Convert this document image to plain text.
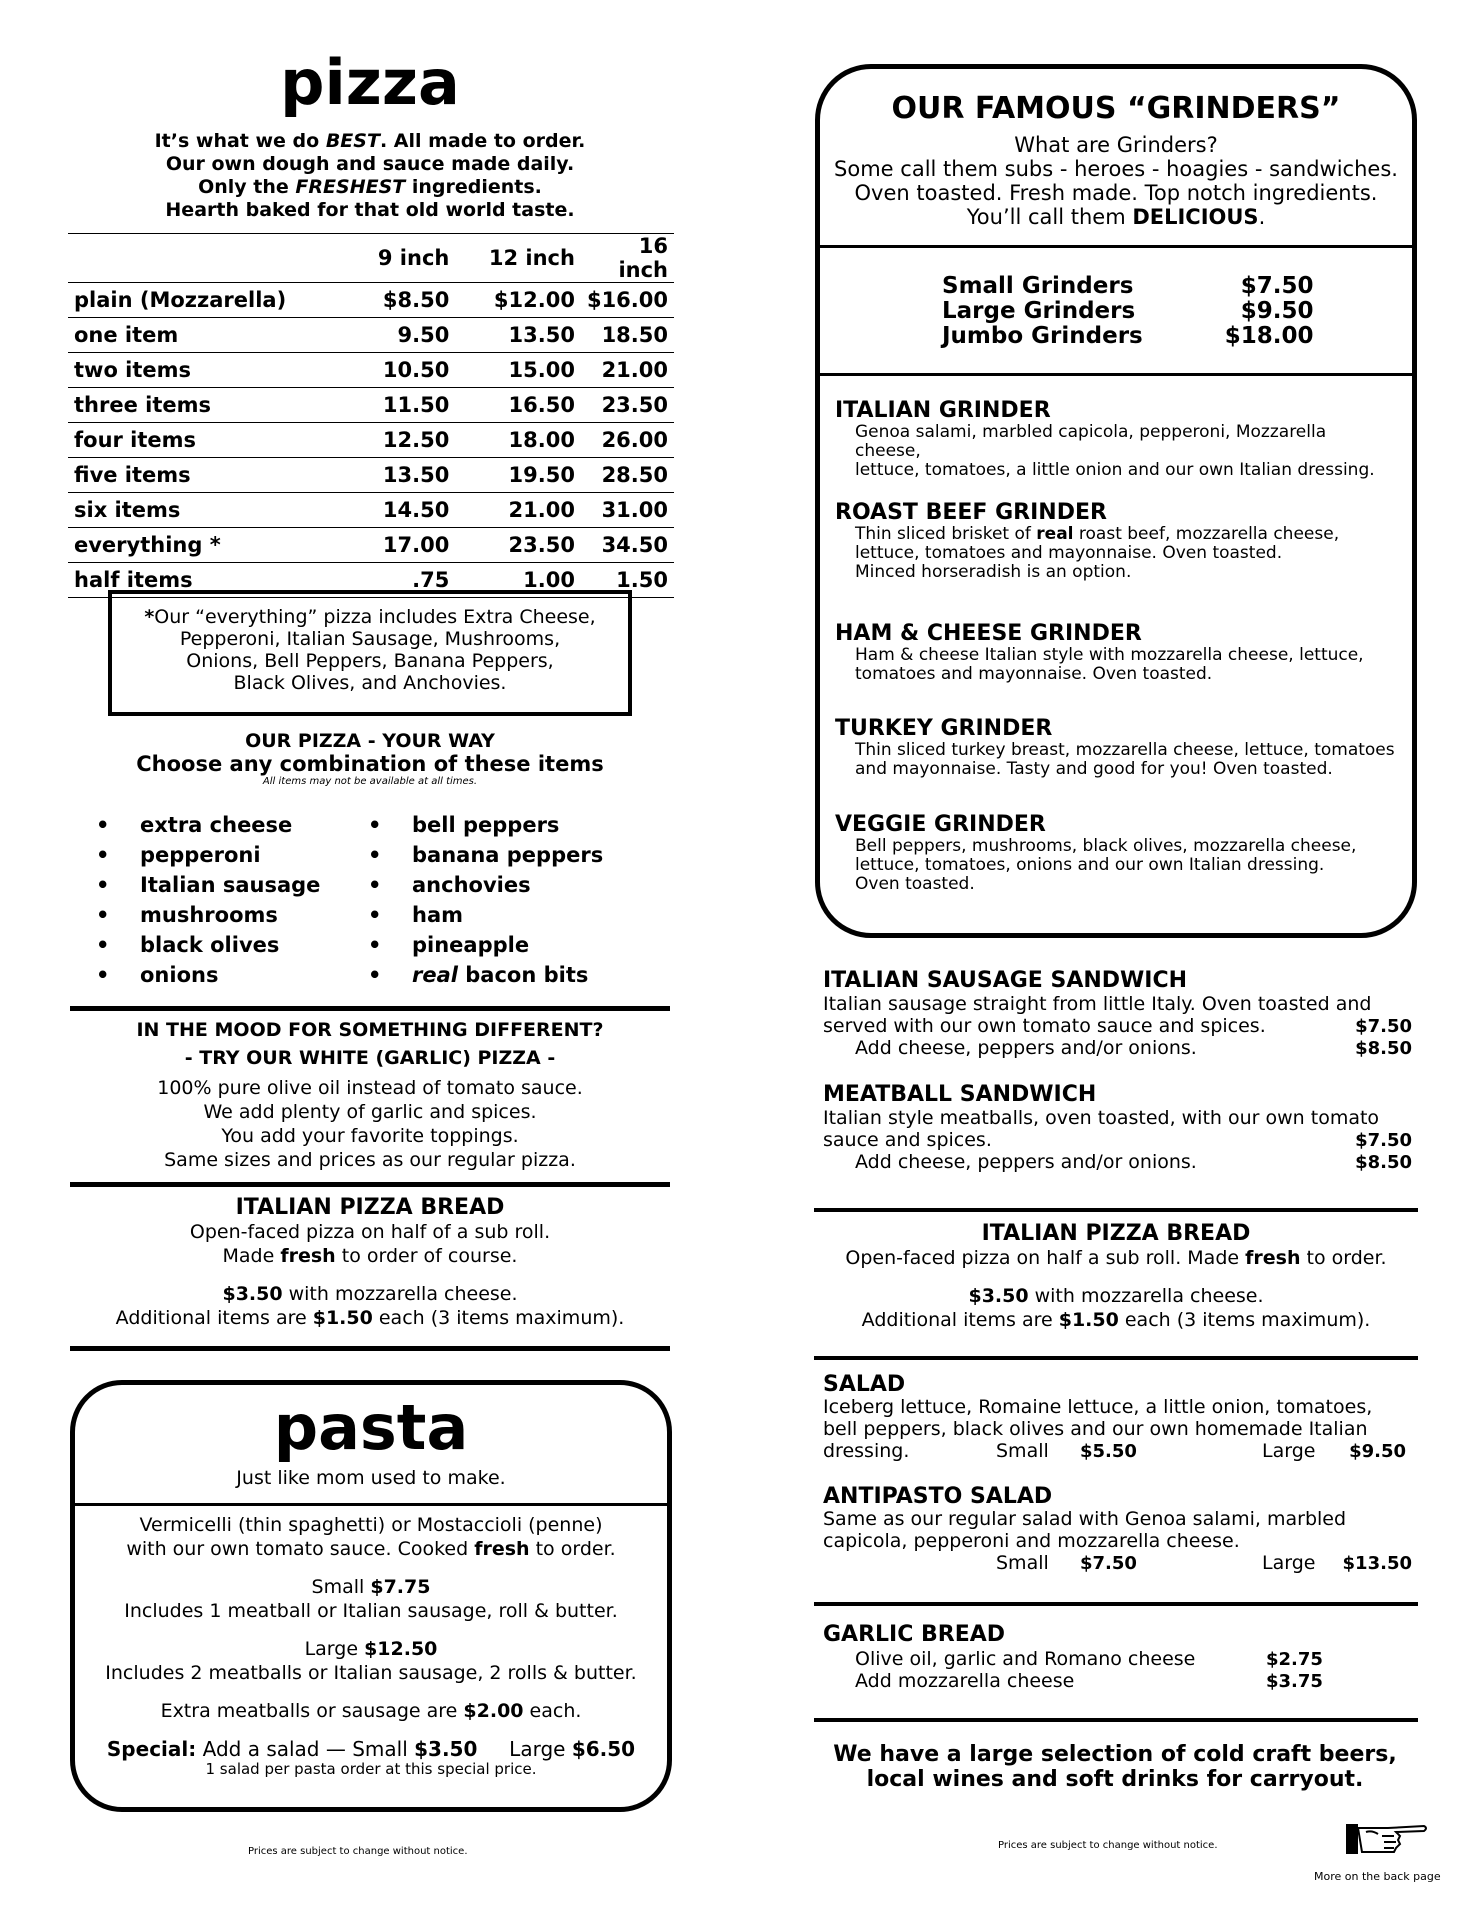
pizza
It’s what we do BEST. All made to order.
Our own dough and sauce made daily.
Only the FRESHEST ingredients.
Hearth baked for that old world taste.
	9 inch	12 inch	16 inch
plain (Mozzarella)	$8.50	$12.00	$16.00
one item	9.50	13.50	18.50
two items	10.50	15.00	21.00
three items	11.50	16.50	23.50
four items	12.50	18.00	26.00
five items	13.50	19.50	28.50
six items	14.50	21.00	31.00
everything *	17.00	23.50	34.50
half items	.75	1.00	1.50
*Our “everything” pizza includes Extra Cheese,
Pepperoni, Italian Sausage, Mushrooms,
Onions, Bell Peppers, Banana Peppers,
Black Olives, and Anchovies.
OUR PIZZA - YOUR WAY
Choose any combination of these items
All items may not be available at all times.
• extra cheese
• pepperoni
• Italian sausage
• mushrooms
• black olives
• onions
• bell peppers
• banana peppers
• anchovies
• ham
• pineapple
• real bacon bits
IN THE MOOD FOR SOMETHING DIFFERENT?
- TRY OUR WHITE (GARLIC) PIZZA -
100% pure olive oil instead of tomato sauce.
We add plenty of garlic and spices.
You add your favorite toppings.
Same sizes and prices as our regular pizza.
ITALIAN PIZZA BREAD
Open-faced pizza on half of a sub roll.
Made fresh to order of course.
$3.50 with mozzarella cheese.
Additional items are $1.50 each (3 items maximum).
pasta
Just like mom used to make.
Vermicelli (thin spaghetti) or Mostaccioli (penne)
with our own tomato sauce. Cooked fresh to order.
Small $7.75
Includes 1 meatball or Italian sausage, roll & butter.
Large $12.50
Includes 2 meatballs or Italian sausage, 2 rolls & butter.
Extra meatballs or sausage are $2.00 each.
Special: Add a salad — Small $3.50     Large $6.50
1 salad per pasta order at this special price.
Prices are subject to change without notice.
OUR FAMOUS “GRINDERS”
What are Grinders?
Some call them subs - heroes - hoagies - sandwiches.
Oven toasted. Fresh made. Top notch ingredients.
You’ll call them DELICIOUS.
Small Grinders	$7.50
Large Grinders	$9.50
Jumbo Grinders	$18.00
ITALIAN GRINDER
Genoa salami, marbled capicola, pepperoni, Mozzarella cheese,
lettuce, tomatoes, a little onion and our own Italian dressing.
ROAST BEEF GRINDER
Thin sliced brisket of real roast beef, mozzarella cheese,
lettuce, tomatoes and mayonnaise. Oven toasted.
Minced horseradish is an option.
HAM & CHEESE GRINDER
Ham & cheese Italian style with mozzarella cheese, lettuce,
tomatoes and mayonnaise. Oven toasted.
TURKEY GRINDER
Thin sliced turkey breast, mozzarella cheese, lettuce, tomatoes
and mayonnaise. Tasty and good for you! Oven toasted.
VEGGIE GRINDER
Bell peppers, mushrooms, black olives, mozzarella cheese,
lettuce, tomatoes, onions and our own Italian dressing.
Oven toasted.
ITALIAN SAUSAGE SANDWICH
Italian sausage straight from little Italy. Oven toasted and
served with our own tomato sauce and spices.	$7.50
Add cheese, peppers and/or onions.	$8.50
MEATBALL SANDWICH
Italian style meatballs, oven toasted, with our own tomato
sauce and spices.	$7.50
Add cheese, peppers and/or onions.	$8.50
ITALIAN PIZZA BREAD
Open-faced pizza on half a sub roll. Made fresh to order.
$3.50 with mozzarella cheese.
Additional items are $1.50 each (3 items maximum).
SALAD
Iceberg lettuce, Romaine lettuce, a little onion, tomatoes,
bell peppers, black olives and our own homemade Italian
dressing.	Small $5.50	Large	$9.50
ANTIPASTO SALAD
Same as our regular salad with Genoa salami, marbled
capicola, pepperoni and mozzarella cheese.
Small $7.50	Large	$13.50
GARLIC BREAD
Olive oil, garlic and Romano cheese	$2.75
Add mozzarella cheese	$3.75
We have a large selection of cold craft beers,
local wines and soft drinks for carryout.
Prices are subject to change without notice.
More on the back page
